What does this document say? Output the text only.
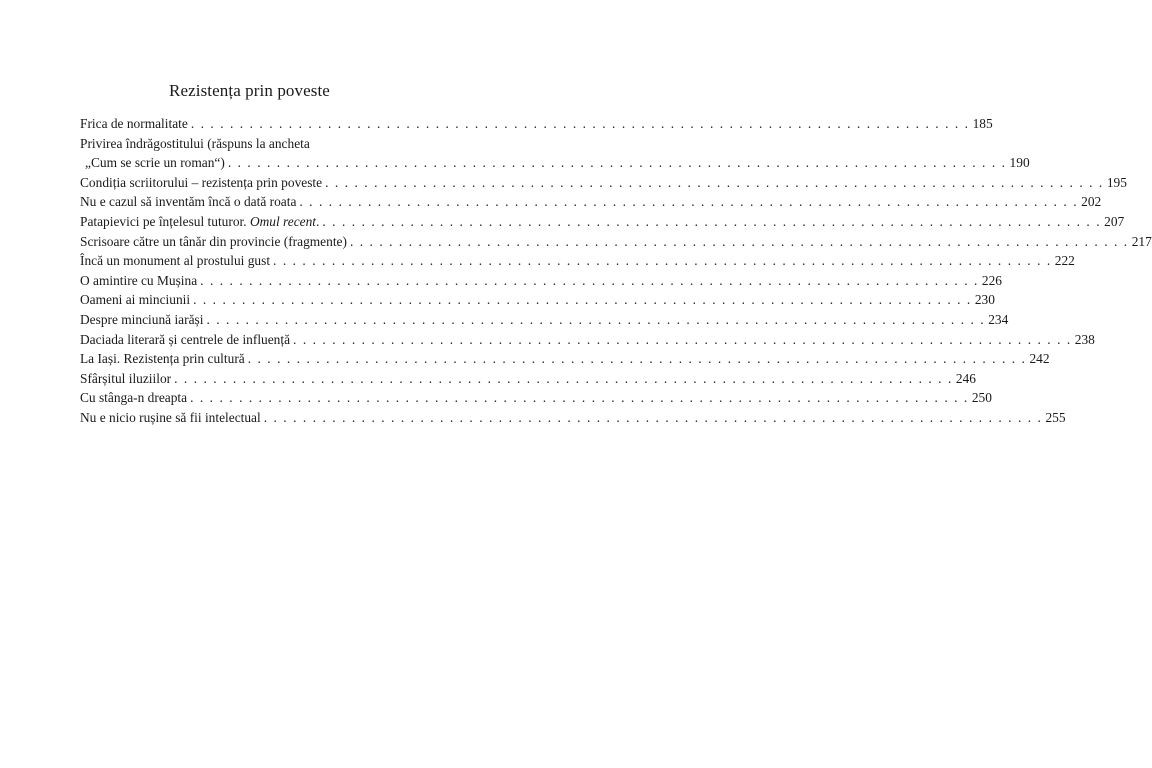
Rezistența prin poveste
Frica de normalitate . . . . . . . . . . . . . . . . . . . . . . . . . . . . . . . . . . . . . . . . . . . . . . . . . . . . . . . . . . . . . . . . . . . . . . . . . . . . . . . . 185
Privirea îndrăgostitului (răspuns la ancheta
„Cum se scrie un roman“) . . . . . . . . . . . . . . . . . . . . . . . . . . . . . . . . . . . . . . . . . . . . . . . . . . . . . . . . . . . . . . . . . . . . . . . . . . . . . . . . 190
Condiția scriitorului – rezistența prin poveste . . . . . . . . . . . . . . . . . . . . . . . . . . . . . . . . . . . . . . . . . . . . . . . . . . . . . . . . . . . . . . . . . . . . . . . . . . . . . . . . 195
Nu e cazul să inventăm încă o dată roata . . . . . . . . . . . . . . . . . . . . . . . . . . . . . . . . . . . . . . . . . . . . . . . . . . . . . . . . . . . . . . . . . . . . . . . . . . . . . . . . 202
Patapievici pe înțelesul tuturor. Omul recent. . . . . . . . . . . . . . . . . . . . . . . . . . . . . . . . . . . . . . . . . . . . . . . . . . . . . . . . . . . . . . . . . . . . . . . . . . . . . . . . . 207
Scrisoare către un tânăr din provincie (fragmente) . . . . . . . . . . . . . . . . . . . . . . . . . . . . . . . . . . . . . . . . . . . . . . . . . . . . . . . . . . . . . . . . . . . . . . . . . . . . . . . . 217
Încă un monument al prostului gust . . . . . . . . . . . . . . . . . . . . . . . . . . . . . . . . . . . . . . . . . . . . . . . . . . . . . . . . . . . . . . . . . . . . . . . . . . . . . . . . 222
O amintire cu Mușina . . . . . . . . . . . . . . . . . . . . . . . . . . . . . . . . . . . . . . . . . . . . . . . . . . . . . . . . . . . . . . . . . . . . . . . . . . . . . . . . 226
Oameni ai minciunii . . . . . . . . . . . . . . . . . . . . . . . . . . . . . . . . . . . . . . . . . . . . . . . . . . . . . . . . . . . . . . . . . . . . . . . . . . . . . . . . 230
Despre minciună iarăși . . . . . . . . . . . . . . . . . . . . . . . . . . . . . . . . . . . . . . . . . . . . . . . . . . . . . . . . . . . . . . . . . . . . . . . . . . . . . . . . 234
Daciada literară și centrele de influență . . . . . . . . . . . . . . . . . . . . . . . . . . . . . . . . . . . . . . . . . . . . . . . . . . . . . . . . . . . . . . . . . . . . . . . . . . . . . . . . 238
La Iași. Rezistența prin cultură . . . . . . . . . . . . . . . . . . . . . . . . . . . . . . . . . . . . . . . . . . . . . . . . . . . . . . . . . . . . . . . . . . . . . . . . . . . . . . . . 242
Sfârșitul iluziilor . . . . . . . . . . . . . . . . . . . . . . . . . . . . . . . . . . . . . . . . . . . . . . . . . . . . . . . . . . . . . . . . . . . . . . . . . . . . . . . . 246
Cu stânga-n dreapta . . . . . . . . . . . . . . . . . . . . . . . . . . . . . . . . . . . . . . . . . . . . . . . . . . . . . . . . . . . . . . . . . . . . . . . . . . . . . . . . 250
Nu e nicio rușine să fii intelectual . . . . . . . . . . . . . . . . . . . . . . . . . . . . . . . . . . . . . . . . . . . . . . . . . . . . . . . . . . . . . . . . . . . . . . . . . . . . . . . . 255
